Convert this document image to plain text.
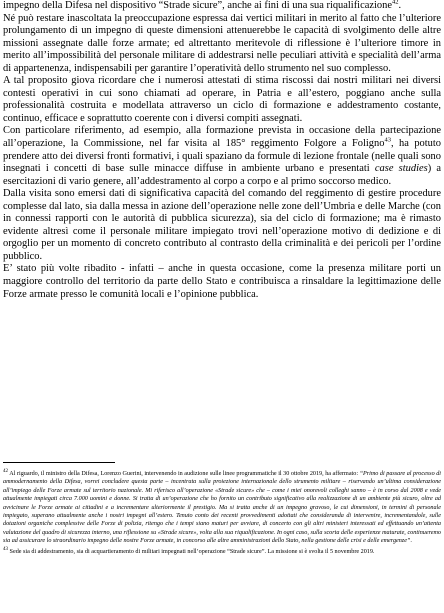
impegno della Difesa nel dispositivo “Strade sicure”, anche ai fini di una sua riqualificazione$^{42}$.

Né può restare inascoltata la preoccupazione espressa dai vertici militari in merito al fatto che l’ulteriore prolungamento di un impegno di queste dimensioni attenuerebbe le capacità di svolgimento delle altre missioni assegnate dalle forze armate; ed altrettanto meritevole di riflessione è l’ulteriore timore in merito all’impossibilità del personale militare di addestrarsi nelle peculiari attività e specialità dell’arma di appartenenza, indispensabili per garantire l’operatività dello strumento nel suo complesso.

A tal proposito giova ricordare che i numerosi attestati di stima riscossi dai nostri militari nei diversi contesti operativi in cui sono chiamati ad operare, in Patria e all’estero, poggiano anche sulla professionalità costruita e modellata attraverso un ciclo di formazione e addestramento costante, continuo, efficace e soprattutto coerente con i diversi compiti assegnati.

Con particolare riferimento, ad esempio, alla formazione prevista in occasione della partecipazione all’operazione, la Commissione, nel far visita al 185° reggimento Folgore a Foligno$^{43}$, ha potuto prendere atto dei diversi fronti formativi, i quali spaziano da formule di lezione frontale (nelle quali sono insegnati i concetti di base sulle minacce diffuse in ambiente urbano e presentati case studies) a esercitazioni di vario genere, all’addestramento al corpo a corpo e al primo soccorso medico.

Dalla visita sono emersi dati di significativa capacità del comando del reggimento di gestire procedure complesse dal lato, sia dalla messa in azione dell’operazione nelle zone dell’Umbria e delle Marche (con in connessi rapporti con le autorità di pubblica sicurezza), sia del ciclo di formazione; ma è rimasto evidente altresì come il personale militare impiegato trovi nell’operazione motivo di dedizione e di orgoglio per un momento di concreto contributo al contrasto della criminalità e dei pericoli per l’ordine pubblico.

E’ stato più volte ribadito - infatti – anche in questa occasione, come la presenza militare porti un maggiore controllo del territorio da parte dello Stato e contribuisca a rinsaldare la legittimazione delle Forze armate presso le comunità locali e l’opinione pubblica.

$^{42}$ Al riguardo, il ministro della Difesa, Lorenzo Guerini, intervenendo in audizione sulle linee programmatiche il 30 ottobre 2019, ha affermato: “Primo di passare al processo di ammodernamento della Difesa, vorrei concludere questa parte – incentrata sulla proiezione internazionale dello strumento militare – riservando un’ultima considerazione all’impiego delle Forze armate sul territorio nazionale. Mi riferisco all’operazione «Strade sicure» che – come i miei onorevoli colleghi sanno – è in corso dal 2008 e vede attualmente impiegati circa 7.000 uomini e donne. Si tratta di un’operazione che ho fornito un contributo significativo alla realizzazione di un ambiente più sicuro, oltre ad avvicinare le Forze armate ai cittadini e a incrementare ulteriormente il prestigio. Ma si tratta anche di un impegno gravoso, le cui dimensioni, in termini di personale impiegato, superano attualmente anche i nostri impegni all’estero. Tenuto conto dei recenti provvedimenti adottati che consideranda di intervenire, incrementandole, sulle dotazioni organiche complessive delle Forze di polizia, ritengo che i tempi siano maturi per avviare, di concerto con gli altri ministeri interessati ed effettuando un’attenta valutazione del quadro di sicurezza interno, una riflessione su «Strade sicure», volta alla sua riqualificazione. In ogni caso, sulla scorta delle esperienze maturate, continueremo sia ad assicurare lo straordinario impegno delle nostre Forze armate, in concorso alle altre amministrazioni dello Stato, nella gestione delle crisi e delle emergenze”.

$^{43}$ Sede sia di addestramento, sia di acquartieramento di militari impegnati nell’operazione “Strade sicure”. La missione si è svolta il 5 novembre 2019.
